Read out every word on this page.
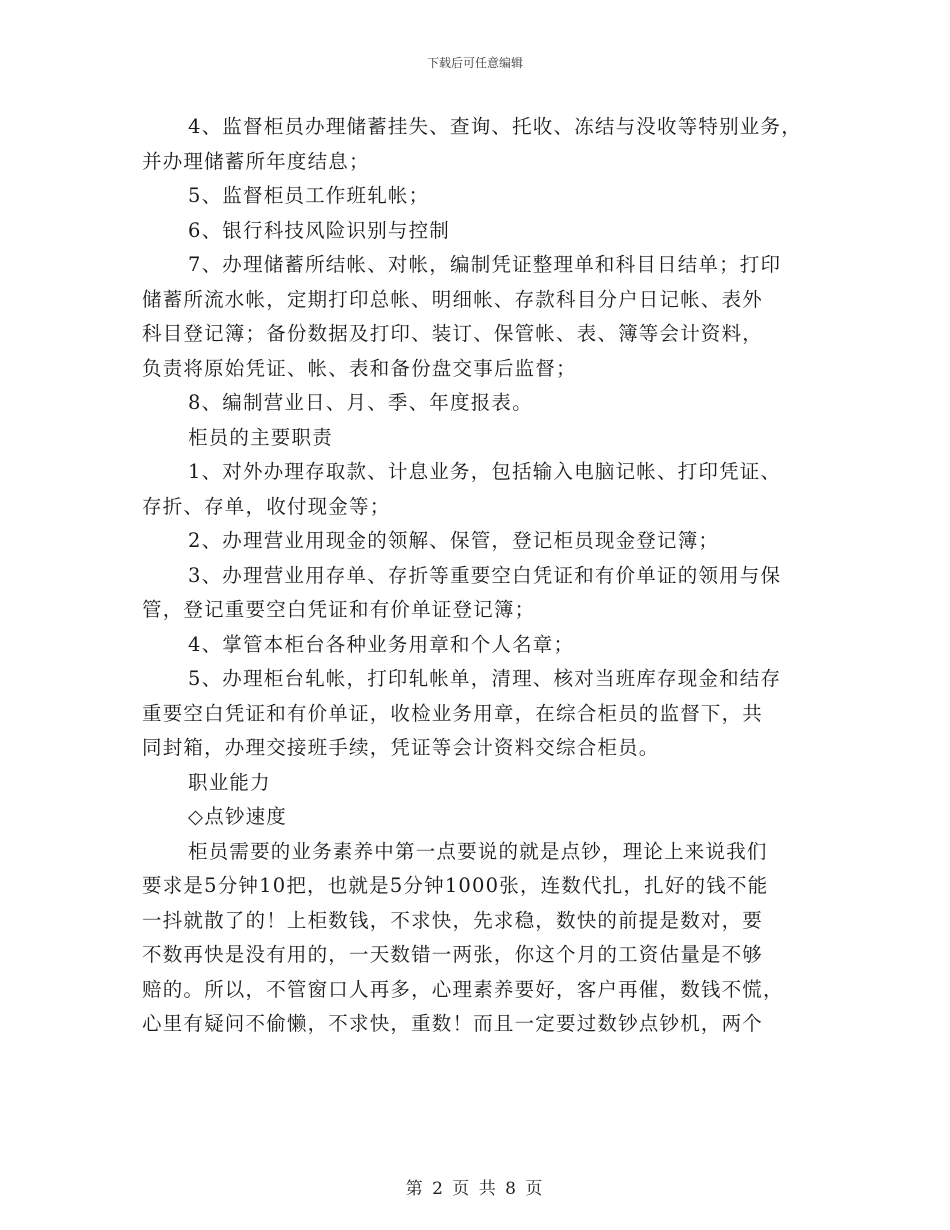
下载后可任意编辑
4、监督柜员办理储蓄挂失、查询、托收、冻结与没收等特别业务，
并办理储蓄所年度结息；
5、监督柜员工作班轧帐；
6、银行科技风险识别与控制
7、办理储蓄所结帐、对帐，编制凭证整理单和科目日结单；打印
储蓄所流水帐，定期打印总帐、明细帐、存款科目分户日记帐、表外
科目登记簿；备份数据及打印、装订、保管帐、表、簿等会计资料，
负责将原始凭证、帐、表和备份盘交事后监督；
8、编制营业日、月、季、年度报表。
柜员的主要职责
1、对外办理存取款、计息业务，包括输入电脑记帐、打印凭证、
存折、存单，收付现金等；
2、办理营业用现金的领解、保管，登记柜员现金登记簿；
3、办理营业用存单、存折等重要空白凭证和有价单证的领用与保
管，登记重要空白凭证和有价单证登记簿；
4、掌管本柜台各种业务用章和个人名章；
5、办理柜台轧帐，打印轧帐单，清理、核对当班库存现金和结存
重要空白凭证和有价单证，收检业务用章，在综合柜员的监督下，共
同封箱，办理交接班手续，凭证等会计资料交综合柜员。
职业能力
◇点钞速度
柜员需要的业务素养中第一点要说的就是点钞，理论上来说我们
要求是5分钟10把，也就是5分钟1000张，连数代扎，扎好的钱不能
一抖就散了的！上柜数钱，不求快，先求稳，数快的前提是数对，要
不数再快是没有用的，一天数错一两张，你这个月的工资估量是不够
赔的。所以，不管窗口人再多，心理素养要好，客户再催，数钱不慌，
心里有疑问不偷懒，不求快，重数！而且一定要过数钞点钞机，两个
第 2 页 共 8 页
